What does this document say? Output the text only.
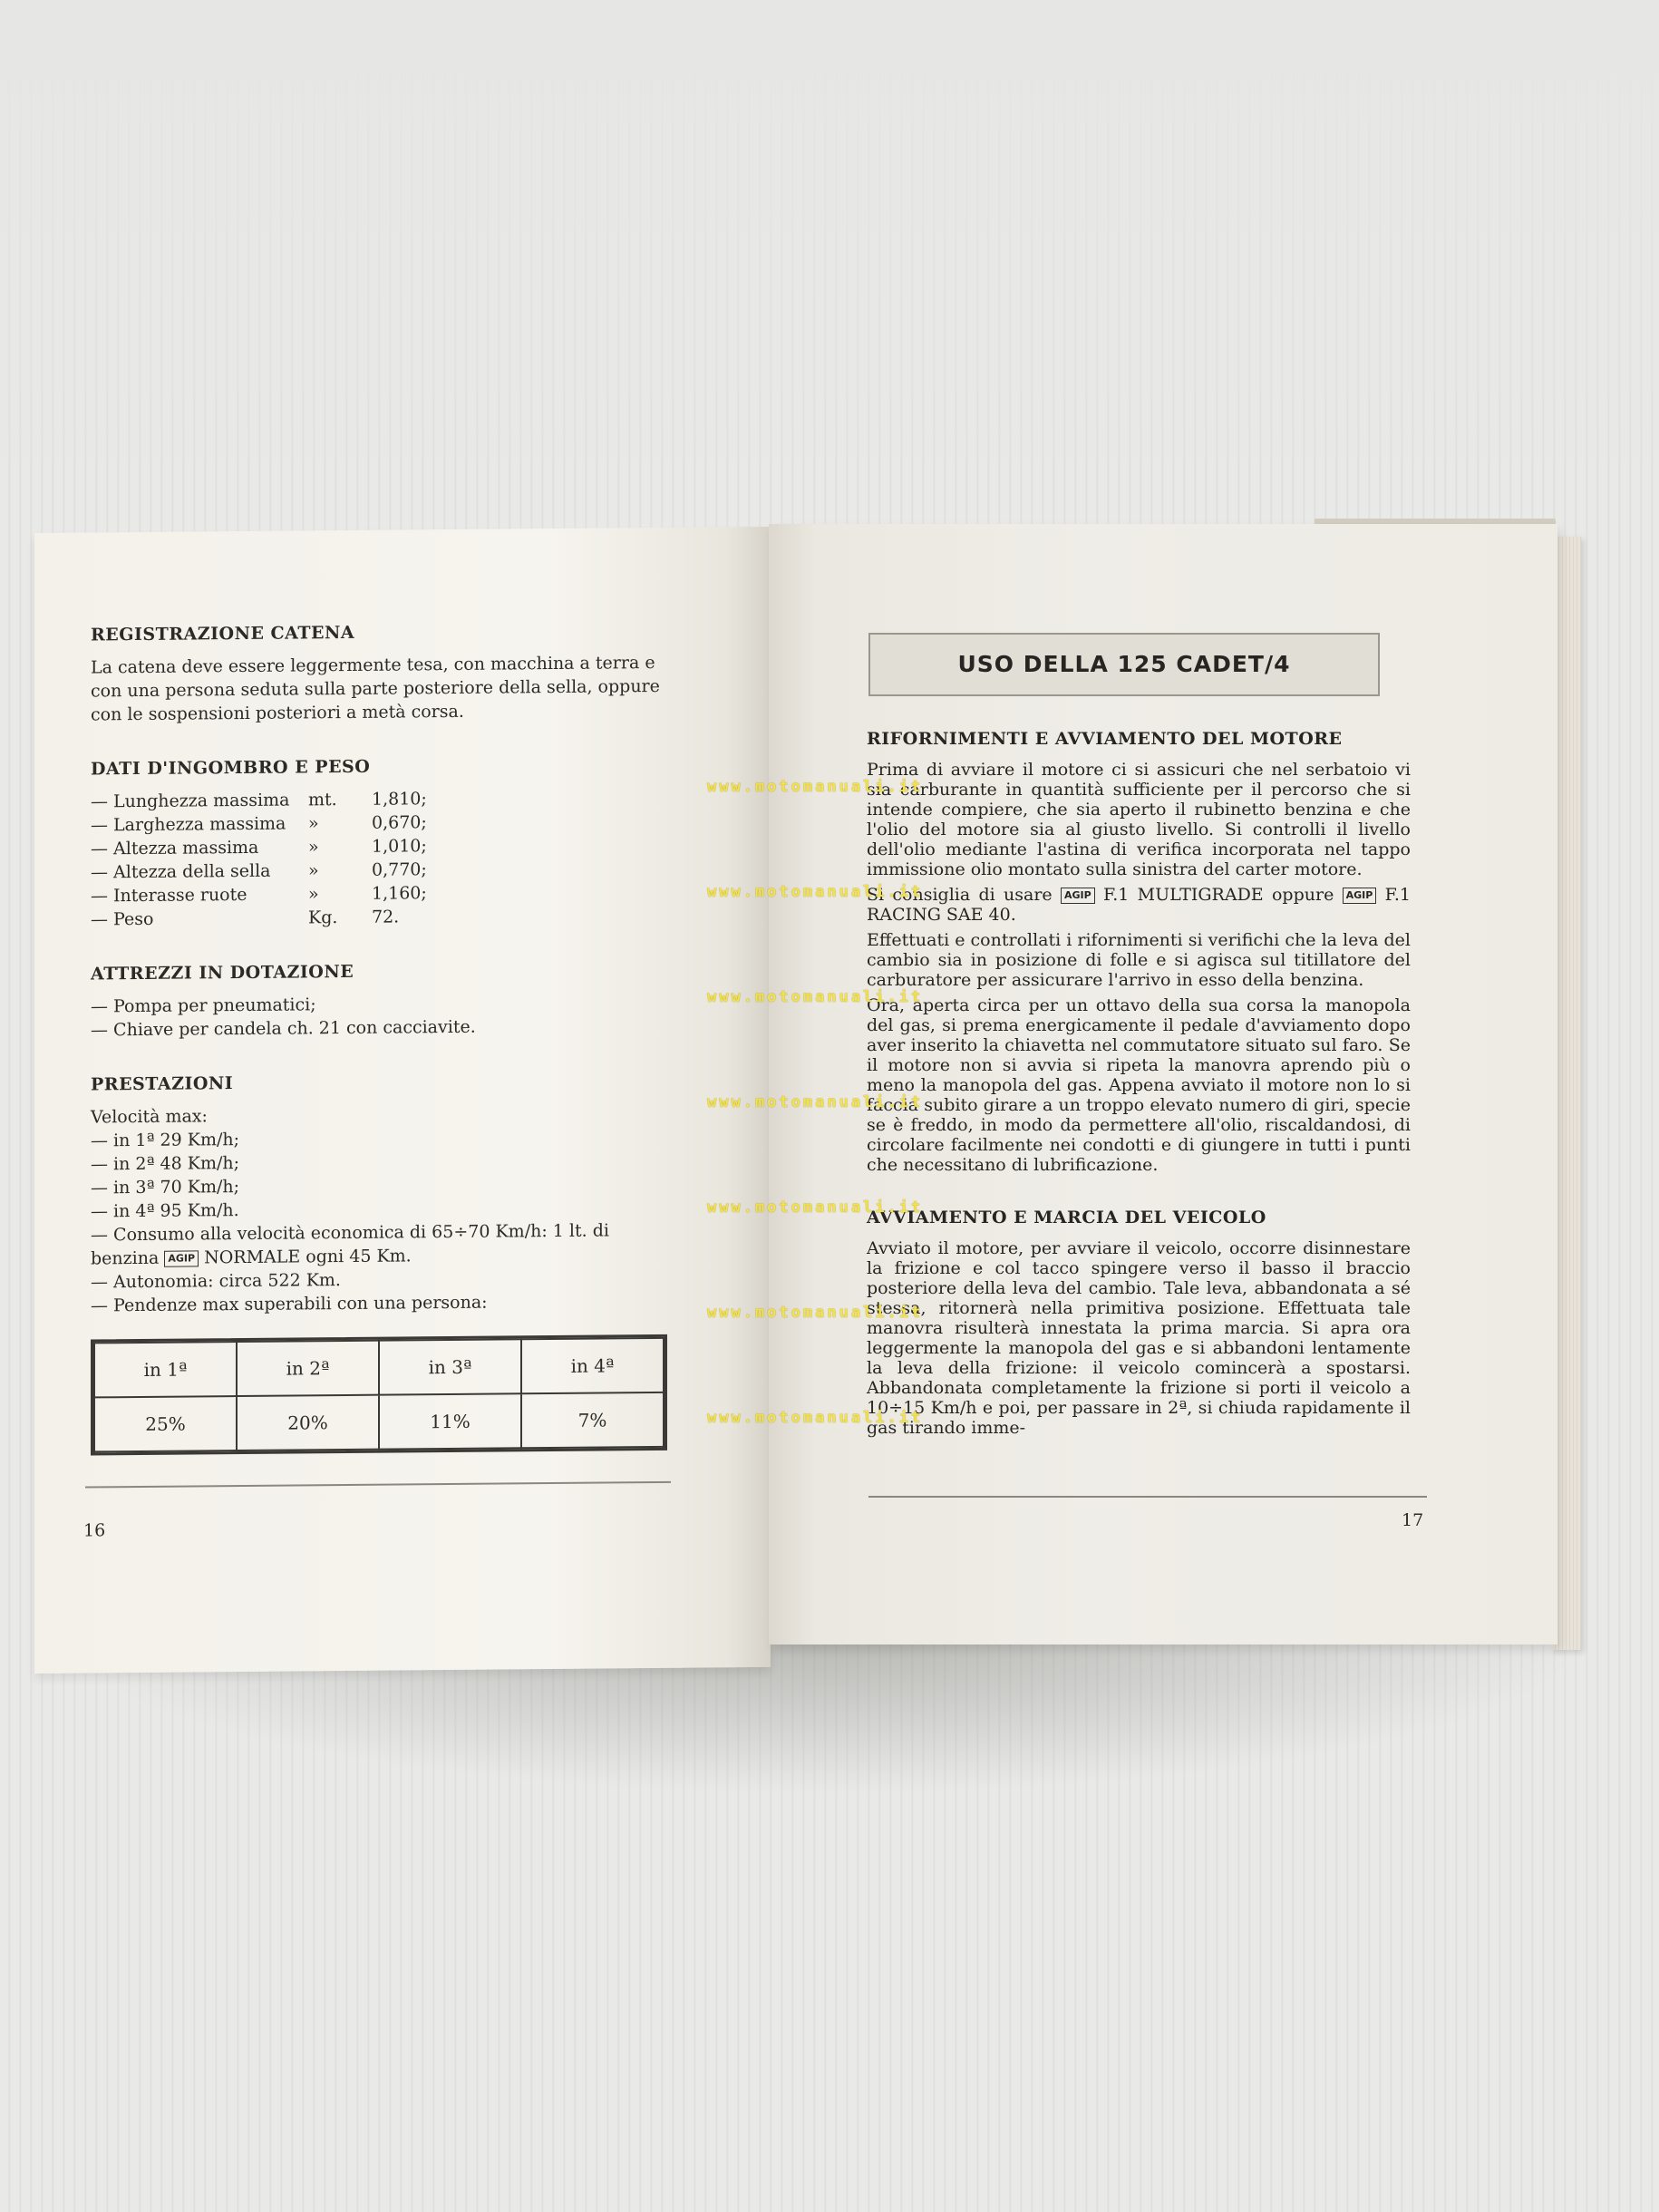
REGISTRAZIONE CATENA

La catena deve essere leggermente tesa, con macchina a terra e con una persona seduta sulla parte posteriore della sella, oppure con le sospensioni posteriori a metà corsa.

DATI D'INGOMBRO E PESO
— Lunghezza massima	mt.	1,810;
— Larghezza massima	»	0,670;
— Altezza massima	»	1,010;
— Altezza della sella	»	0,770;
— Interasse ruote	»	1,160;
— Peso	Kg.	72.
ATTREZZI IN DOTAZIONE

— Pompa per pneumatici;

— Chiave per candela ch. 21 con cacciavite.

PRESTAZIONI

Velocità max:

— in 1ª 29 Km/h;

— in 2ª 48 Km/h;

— in 3ª 70 Km/h;

— in 4ª 95 Km/h.

— Consumo alla velocità economica di 65÷70 Km/h: 1 lt. di benzina AGIP NORMALE ogni 45 Km.

— Autonomia: circa 522 Km.

— Pendenze max superabili con una persona:

in 1ª	in 2ª	in 3ª	in 4ª
25%	20%	11%	7%
16
USO DELLA 125 CADET/4
RIFORNIMENTI E AVVIAMENTO DEL MOTORE

Prima di avviare il motore ci si assicuri che nel serbatoio vi sia carburante in quantità sufficiente per il percorso che si intende compiere, che sia aperto il rubinetto benzina e che l'olio del motore sia al giusto livello. Si controlli il livello dell'olio mediante l'astina di verifica incorporata nel tappo immissione olio montato sulla sinistra del carter motore.

Si consiglia di usare AGIP F.1 MULTIGRADE oppure AGIP F.1 RACING SAE 40.

Effettuati e controllati i rifornimenti si verifichi che la leva del cambio sia in posizione di folle e si agisca sul titillatore del carburatore per assicurare l'arrivo in esso della benzina.

Ora, aperta circa per un ottavo della sua corsa la manopola del gas, si prema energicamente il pedale d'avviamento dopo aver inserito la chiavetta nel commutatore situato sul faro. Se il motore non si avvia si ripeta la manovra aprendo più o meno la manopola del gas. Appena avviato il motore non lo si faccia subito girare a un troppo elevato numero di giri, specie se è freddo, in modo da permettere all'olio, riscaldandosi, di circolare facilmente nei condotti e di giungere in tutti i punti che necessitano di lubrificazione.

AVVIAMENTO E MARCIA DEL VEICOLO

Avviato il motore, per avviare il veicolo, occorre disinnestare la frizione e col tacco spingere verso il basso il braccio posteriore della leva del cambio. Tale leva, abbandonata a sé stessa, ritornerà nella primitiva posizione. Effettuata tale manovra risulterà innestata la prima marcia. Si apra ora leggermente la manopola del gas e si abbandoni lentamente la leva della frizione: il veicolo comincerà a spostarsi. Abbandonata completamente la frizione si porti il veicolo a 10÷15 Km/h e poi, per passare in 2ª, si chiuda rapidamente il gas tirando imme-

17
www.motomanuali.it
www.motomanuali.it
www.motomanuali.it
www.motomanuali.it
www.motomanuali.it
www.motomanuali.it
www.motomanuali.it
